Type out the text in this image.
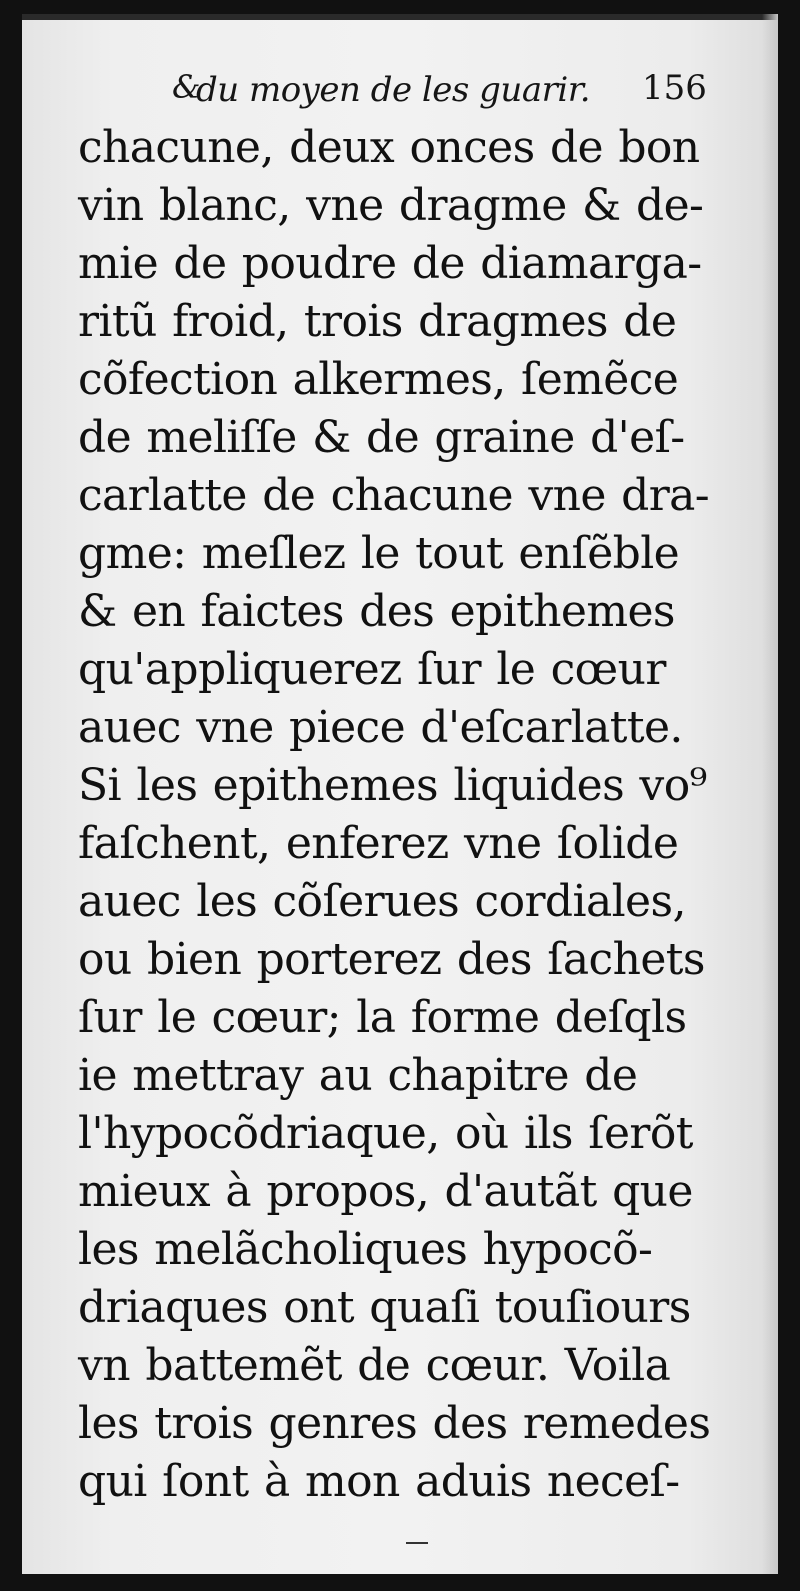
&
du moyen de les guarir. 156
chacune, deux onces de bon
vin blanc, vne dragme & de-
mie de poudre de diamarga-
ritũ froid, trois dragmes de
cõfection alkermes, ſemẽce
de meliſſe & de graine d'eſ-
carlatte de chacune vne dra-
gme: meſlez le tout enſẽble
& en faictes des epithemes
qu'appliquerez ſur le cœur
auec vne piece d'eſcarlatte.
Si les epithemes liquides vo⁹
faſchent, enferez vne ſolide
auec les cõſerues cordiales,
ou bien porterez des ſachets
ſur le cœur; la forme deſqls
ie mettray au chapitre de
l'hypocõdriaque, où ils ſerõt
mieux à propos, d'autãt que
les melãcholiques hypocõ-
driaques ont quaſi touſiours
vn battemẽt de cœur. Voila
les trois genres des remedes
qui ſont à mon aduis neceſ-
